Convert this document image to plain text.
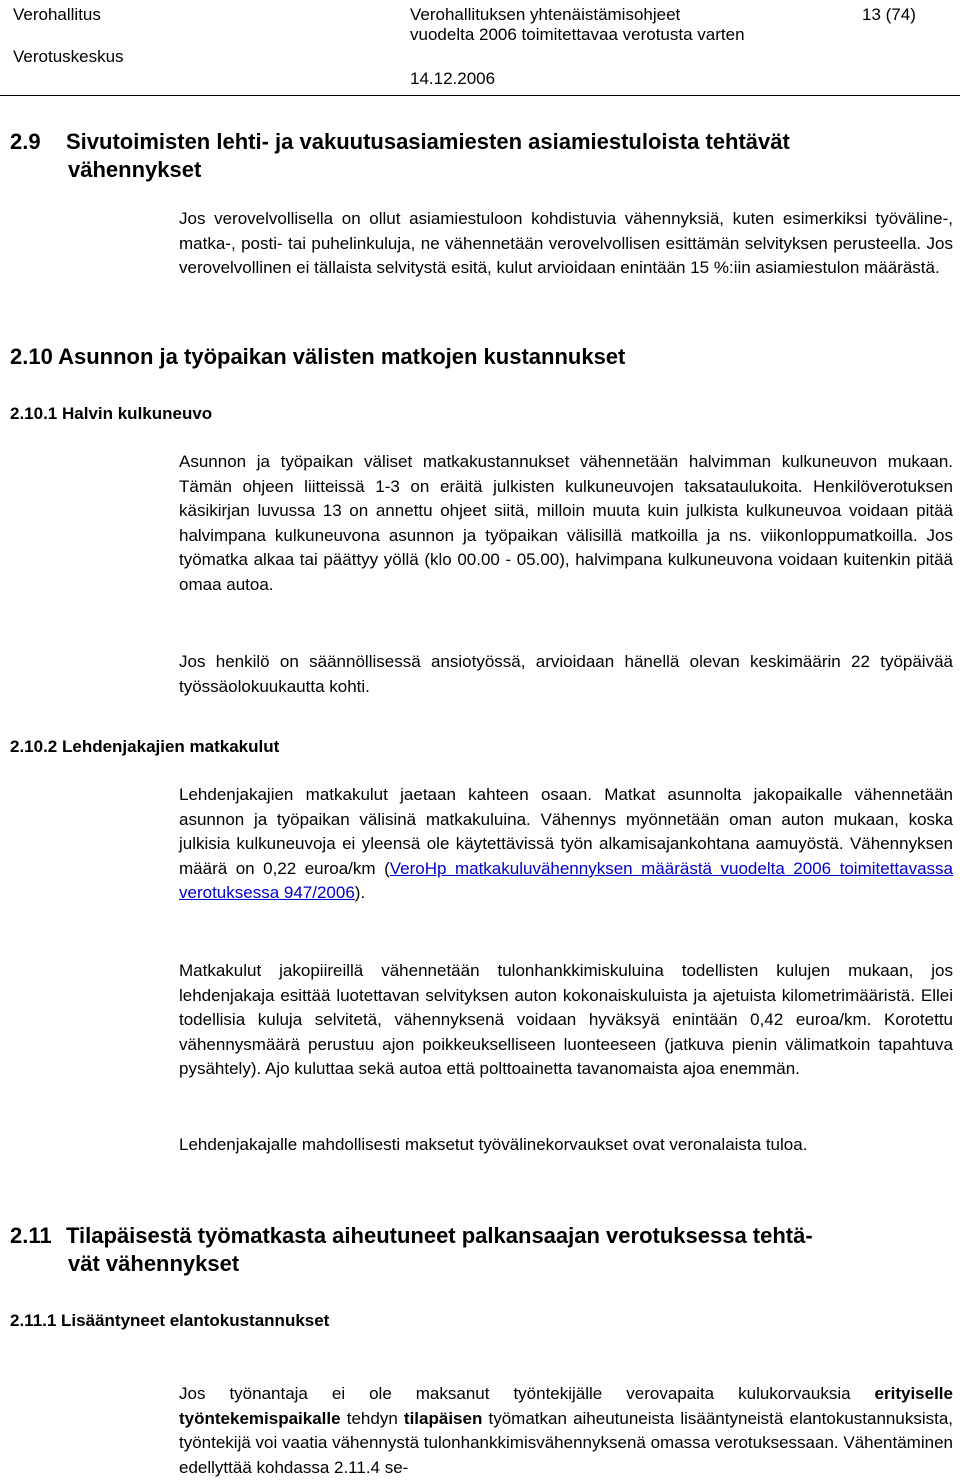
Verohallitus
Verotuskeskus
Verohallituksen yhtenäistämisohjeet
vuodelta 2006 toimitettavaa verotusta varten
14.12.2006
13 (74)
2.9 Sivutoimisten lehti- ja vakuutusasiamiesten asiamiestuloista tehtävät
vähennykset
Jos verovelvollisella on ollut asiamiestuloon kohdistuvia vähennyksiä, kuten esimerkiksi työväline-, matka-, posti- tai puhelinkuluja, ne vähennetään verovelvollisen esittämän selvityksen perusteella. Jos verovelvollinen ei tällaista selvitystä esitä, kulut arvioidaan enintään 15 %:iin asiamiestulon määrästä.
2.10 Asunnon ja työpaikan välisten matkojen kustannukset
2.10.1 Halvin kulkuneuvo
Asunnon ja työpaikan väliset matkakustannukset vähennetään halvimman kulkuneuvon mukaan. Tämän ohjeen liitteissä 1-3 on eräitä julkisten kulkuneuvojen taksataulukoita. Henkilöverotuksen käsikirjan luvussa 13 on annettu ohjeet siitä, milloin muuta kuin julkista kulkuneuvoa voidaan pitää halvimpana kulkuneuvona asunnon ja työpaikan välisillä matkoilla ja ns. viikonloppumatkoilla. Jos työmatka alkaa tai päättyy yöllä (klo 00.00 - 05.00), halvimpana kulkuneuvona voidaan kuitenkin pitää omaa autoa.
Jos henkilö on säännöllisessä ansiotyössä, arvioidaan hänellä olevan keskimäärin 22 työpäivää työssäolokuukautta kohti.
2.10.2 Lehdenjakajien matkakulut
Lehdenjakajien matkakulut jaetaan kahteen osaan. Matkat asunnolta jakopaikalle vähennetään asunnon ja työpaikan välisinä matkakuluina. Vähennys myönnetään oman auton mukaan, koska julkisia kulkuneuvoja ei yleensä ole käytettävissä työn alkamisajankohtana aamuyöstä. Vähennyksen määrä on 0,22 euroa/km (VeroHp matkakuluvähennyksen määrästä vuodelta 2006 toimitettavassa verotuksessa 947/2006).
Matkakulut jakopiireillä vähennetään tulonhankkimiskuluina todellisten kulujen mukaan, jos lehdenjakaja esittää luotettavan selvityksen auton kokonaiskuluista ja ajetuista kilometrimääristä. Ellei todellisia kuluja selvitetä, vähennyksenä voidaan hyväksyä enintään 0,42 euroa/km. Korotettu vähennysmäärä perustuu ajon poikkeukselliseen luonteeseen (jatkuva pienin välimatkoin tapahtuva pysähtely). Ajo kuluttaa sekä autoa että polttoainetta tavanomaista ajoa enemmän.
Lehdenjakajalle mahdollisesti maksetut työvälinekorvaukset ovat veronalaista tuloa.
2.11 Tilapäisestä työmatkasta aiheutuneet palkansaajan verotuksessa tehtä-
vät vähennykset
2.11.1 Lisääntyneet elantokustannukset
Jos työnantaja ei ole maksanut työntekijälle verovapaita kulukorvauksia erityiselle työntekemispaikalle tehdyn tilapäisen työmatkan aiheutuneista lisääntyneistä elantokustannuksista, työntekijä voi vaatia vähennystä tulonhankkimisvähennyksenä omassa verotuksessaan. Vähentäminen edellyttää kohdassa 2.11.4 se-
